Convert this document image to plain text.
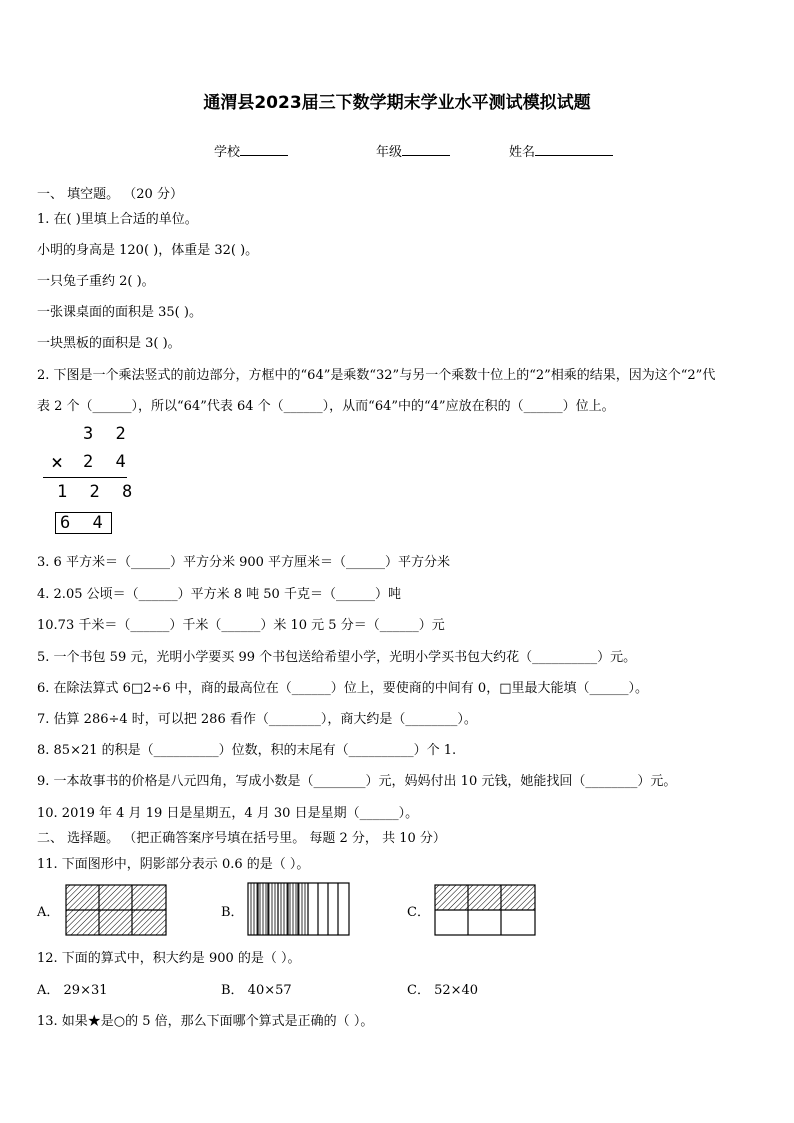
通渭县2023届三下数学期末学业水平测试模拟试题
学校	年级	姓名
一、 填空题。 （20 分）
1. 在( )里填上合适的单位。
小明的身高是 120( )，体重是 32( )。
一只兔子重约 2( )。
一张课桌面的面积是 35( )。
一块黑板的面积是 3( )。
2. 下图是一个乘法竖式的前边部分，方框中的“64”是乘数“32”与另一个乘数十位上的“2”相乘的结果，因为这个“2”代
表 2 个（______），所以“64”代表 64 个（______），从而“64”中的“4”应放在积的（______）位上。
3 2
× 2 4
1 2 8
6 4
3. 6 平方米＝（______）平方分米 900 平方厘米＝（______）平方分米
4. 2.05 公顷＝（______）平方米 8 吨 50 千克＝（______）吨
10.73 千米＝（______）千米（______）米 10 元 5 分＝（______）元
5. 一个书包 59 元，光明小学要买 99 个书包送给希望小学，光明小学买书包大约花（__________）元。
6. 在除法算式 6□2÷6 中，商的最高位在（______）位上，要使商的中间有 0，□里最大能填（______）。
7. 估算 286÷4 时，可以把 286 看作（________），商大约是（________）。
8. 85×21 的积是（__________）位数，积的末尾有（__________）个 1.
9. 一本故事书的价格是八元四角，写成小数是（________）元，妈妈付出 10 元钱，她能找回（________）元。
10. 2019 年 4 月 19 日是星期五，4 月 30 日是星期（______）。
二、 选择题。 （把正确答案序号填在括号里。 每题 2 分， 共 10 分）
11. 下面图形中，阴影部分表示 0.6 的是（ ）。
A．	B．	C．
12. 下面的算式中，积大约是 900 的是（ ）。
A． 29×31	B． 40×57	C． 52×40
13. 如果★是○的 5 倍，那么下面哪个算式是正确的（ ）。
